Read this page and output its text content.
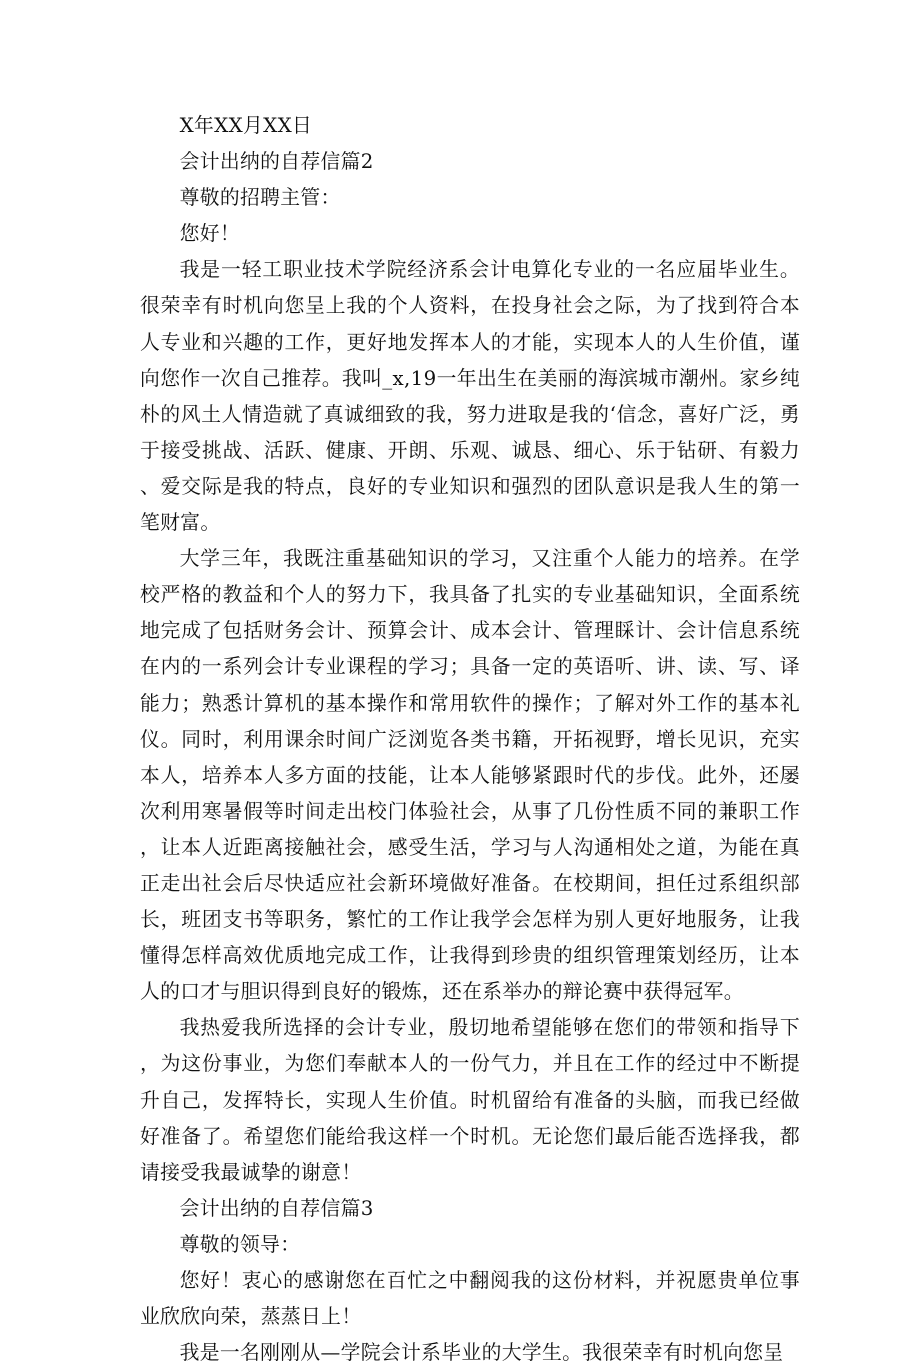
X年XX月XX日

会计出纳的自荐信篇2

尊敬的招聘主管：

您好！

我是一轻工职业技术学院经济系会计电算化专业的一名应届毕业生。很荣幸有时机向您呈上我的个人资料，在投身社会之际，为了找到符合本人专业和兴趣的工作，更好地发挥本人的才能，实现本人的人生价值，谨向您作一次自己推荐。我叫_x,19一年出生在美丽的海滨城市潮州。家乡纯朴的风土人情造就了真诚细致的我，努力进取是我的‘信念，喜好广泛，勇于接受挑战、活跃、健康、开朗、乐观、诚恳、细心、乐于钻研、有毅力、爱交际是我的特点，良好的专业知识和强烈的团队意识是我人生的第一笔财富。

大学三年，我既注重基础知识的学习，又注重个人能力的培养。在学校严格的教益和个人的努力下，我具备了扎实的专业基础知识，全面系统地完成了包括财务会计、预算会计、成本会计、管理睬计、会计信息系统在内的一系列会计专业课程的学习；具备一定的英语听、讲、读、写、译能力；熟悉计算机的基本操作和常用软件的操作；了解对外工作的基本礼仪。同时，利用课余时间广泛浏览各类书籍，开拓视野，增长见识，充实本人，培养本人多方面的技能，让本人能够紧跟时代的步伐。此外，还屡次利用寒暑假等时间走出校门体验社会，从事了几份性质不同的兼职工作，让本人近距离接触社会，感受生活，学习与人沟通相处之道，为能在真正走出社会后尽快适应社会新环境做好准备。在校期间，担任过系组织部长，班团支书等职务，繁忙的工作让我学会怎样为别人更好地服务，让我懂得怎样高效优质地完成工作，让我得到珍贵的组织管理策划经历，让本人的口才与胆识得到良好的锻炼，还在系举办的辩论赛中获得冠军。

我热爱我所选择的会计专业，殷切地希望能够在您们的带领和指导下，为这份事业，为您们奉献本人的一份气力，并且在工作的经过中不断提升自己，发挥特长，实现人生价值。时机留给有准备的头脑，而我已经做好准备了。希望您们能给我这样一个时机。无论您们最后能否选择我，都请接受我最诚挚的谢意！

会计出纳的自荐信篇3

尊敬的领导：

您好！衷心的感谢您在百忙之中翻阅我的这份材料，并祝愿贵单位事业欣欣向荣，蒸蒸日上！

我是一名刚刚从—学院会计系毕业的大学生。我很荣幸有时机向您呈
